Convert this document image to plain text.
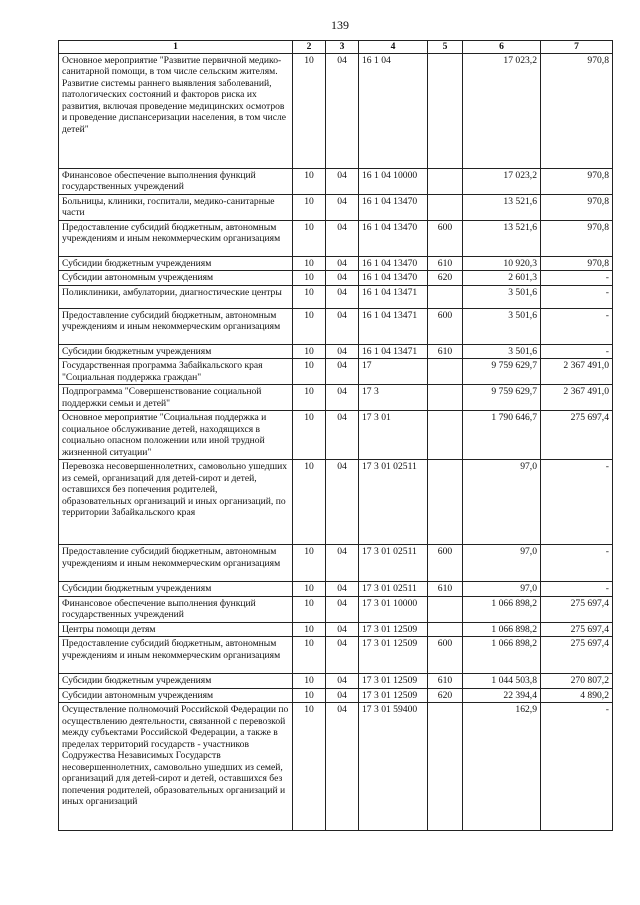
139
1	2	3	4	5	6	7
Основное мероприятие "Развитие первичной медико-санитарной помощи, в том числе сельским жителям. Развитие системы раннего выявления заболеваний, патологических состояний и факторов риска их развития, включая проведение медицинских осмотров и проведение диспансеризации населения, в том числе детей"	10	04	16 1 04		17 023,2	970,8
Финансовое обеспечение выполнения функций государственных учреждений	10	04	16 1 04 10000		17 023,2	970,8
Больницы, клиники, госпитали, медико-санитарные части	10	04	16 1 04 13470		13 521,6	970,8
Предоставление субсидий бюджетным, автономным учреждениям и иным некоммерческим организациям	10	04	16 1 04 13470	600	13 521,6	970,8
Субсидии бюджетным учреждениям	10	04	16 1 04 13470	610	10 920,3	970,8
Субсидии автономным учреждениям	10	04	16 1 04 13470	620	2 601,3	-
Поликлиники, амбулатории, диагностические центры	10	04	16 1 04 13471		3 501,6	-
Предоставление субсидий бюджетным, автономным учреждениям и иным некоммерческим организациям	10	04	16 1 04 13471	600	3 501,6	-
Субсидии бюджетным учреждениям	10	04	16 1 04 13471	610	3 501,6	-
Государственная программа Забайкальского края "Социальная поддержка граждан"	10	04	17		9 759 629,7	2 367 491,0
Подпрограмма "Совершенствование социальной поддержки семьи и детей"	10	04	17 3		9 759 629,7	2 367 491,0
Основное мероприятие "Социальная поддержка и социальное обслуживание детей, находящихся в социально опасном положении или иной трудной жизненной ситуации"	10	04	17 3 01		1 790 646,7	275 697,4
Перевозка несовершеннолетних, самовольно ушедших из семей, организаций для детей-сирот и детей, оставшихся без попечения родителей, образовательных организаций и иных организаций, по территории Забайкальского края	10	04	17 3 01 02511		97,0	-
Предоставление субсидий бюджетным, автономным учреждениям и иным некоммерческим организациям	10	04	17 3 01 02511	600	97,0	-
Субсидии бюджетным учреждениям	10	04	17 3 01 02511	610	97,0	-
Финансовое обеспечение выполнения функций государственных учреждений	10	04	17 3 01 10000		1 066 898,2	275 697,4
Центры помощи детям	10	04	17 3 01 12509		1 066 898,2	275 697,4
Предоставление субсидий бюджетным, автономным учреждениям и иным некоммерческим организациям	10	04	17 3 01 12509	600	1 066 898,2	275 697,4
Субсидии бюджетным учреждениям	10	04	17 3 01 12509	610	1 044 503,8	270 807,2
Субсидии автономным учреждениям	10	04	17 3 01 12509	620	22 394,4	4 890,2
Осуществление полномочий Российской Федерации по осуществлению деятельности, связанной с перевозкой между субъектами Российской Федерации, а также в пределах территорий государств - участников Содружества Независимых Государств несовершеннолетних, самовольно ушедших из семей, организаций для детей-сирот и детей, оставшихся без попечения родителей, образовательных организаций и иных организаций	10	04	17 3 01 59400		162,9	-
